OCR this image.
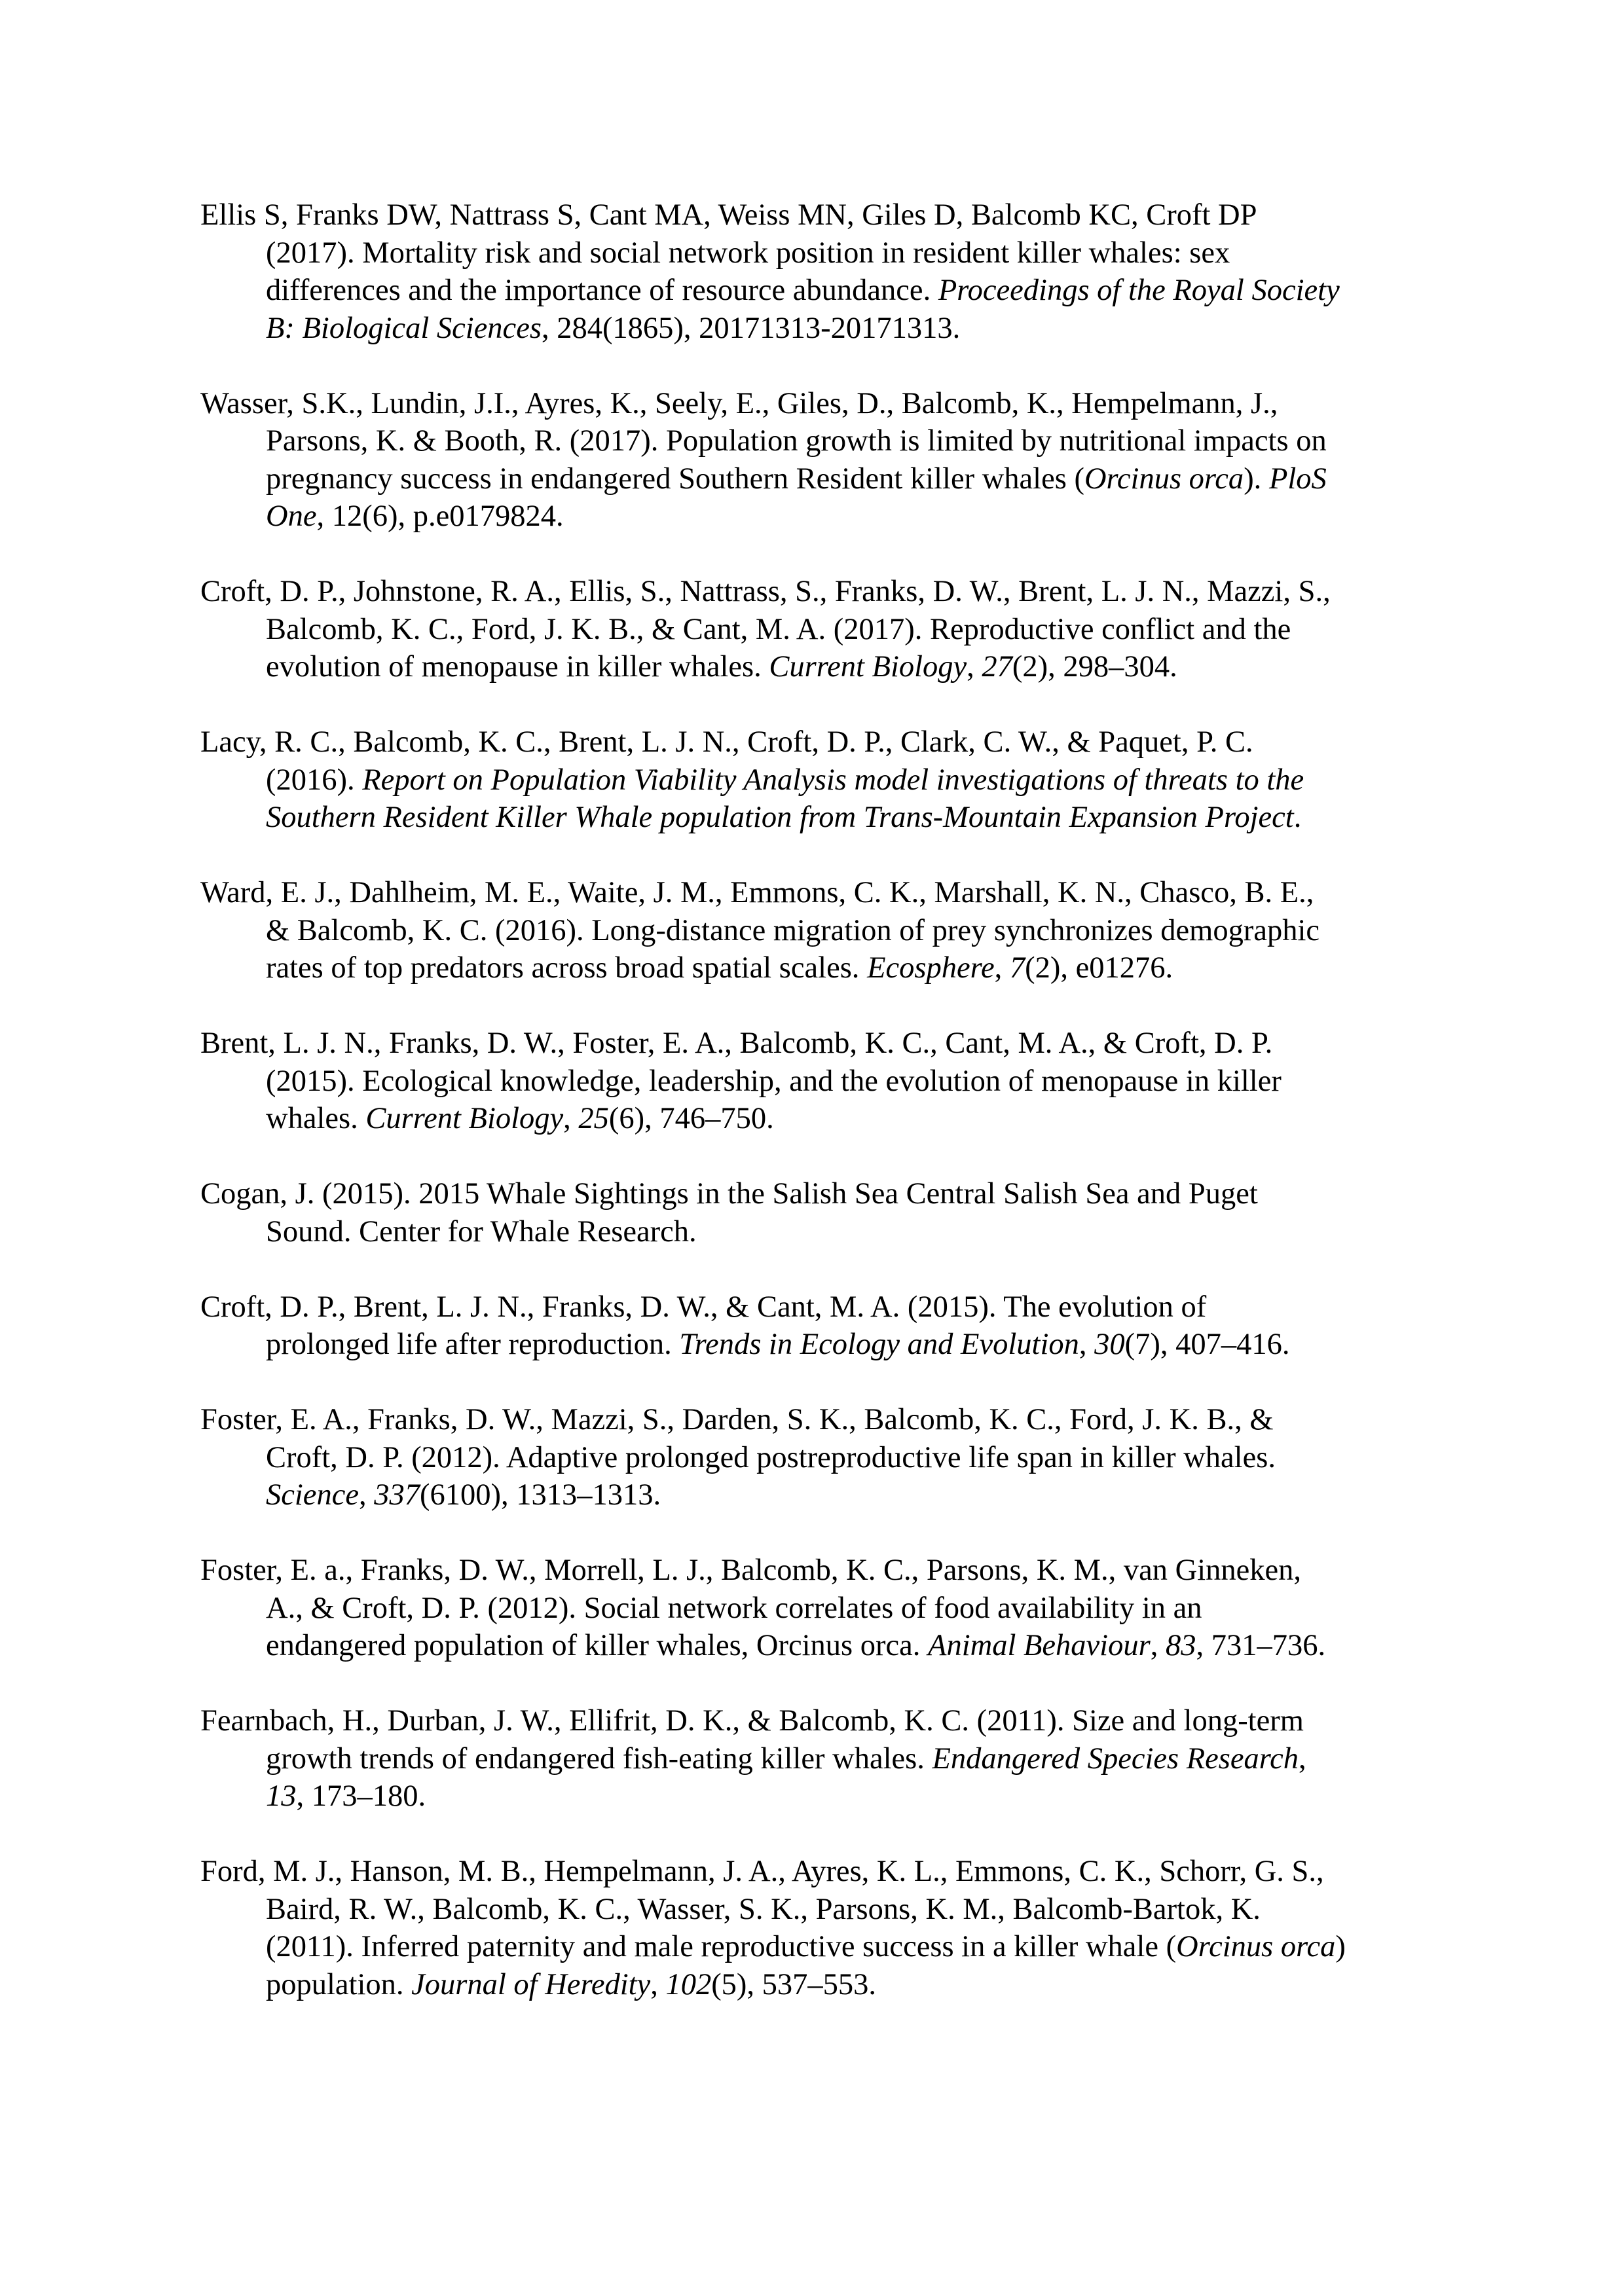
Ellis S, Franks DW, Nattrass S, Cant MA, Weiss MN, Giles D, Balcomb KC, Croft DP
(2017). Mortality risk and social network position in resident killer whales: sex
differences and the importance of resource abundance. Proceedings of the Royal Society
B: Biological Sciences, 284(1865), 20171313-20171313.
Wasser, S.K., Lundin, J.I., Ayres, K., Seely, E., Giles, D., Balcomb, K., Hempelmann, J.,
Parsons, K. & Booth, R. (2017). Population growth is limited by nutritional impacts on
pregnancy success in endangered Southern Resident killer whales (Orcinus orca). PloS
One, 12(6), p.e0179824.
Croft, D. P., Johnstone, R. A., Ellis, S., Nattrass, S., Franks, D. W., Brent, L. J. N., Mazzi, S.,
Balcomb, K. C., Ford, J. K. B., & Cant, M. A. (2017). Reproductive conflict and the
evolution of menopause in killer whales. Current Biology, 27(2), 298–304.
Lacy, R. C., Balcomb, K. C., Brent, L. J. N., Croft, D. P., Clark, C. W., & Paquet, P. C.
(2016). Report on Population Viability Analysis model investigations of threats to the
Southern Resident Killer Whale population from Trans-Mountain Expansion Project.
Ward, E. J., Dahlheim, M. E., Waite, J. M., Emmons, C. K., Marshall, K. N., Chasco, B. E.,
& Balcomb, K. C. (2016). Long-distance migration of prey synchronizes demographic
rates of top predators across broad spatial scales. Ecosphere, 7(2), e01276.
Brent, L. J. N., Franks, D. W., Foster, E. A., Balcomb, K. C., Cant, M. A., & Croft, D. P.
(2015). Ecological knowledge, leadership, and the evolution of menopause in killer
whales. Current Biology, 25(6), 746–750.
Cogan, J. (2015). 2015 Whale Sightings in the Salish Sea Central Salish Sea and Puget
Sound. Center for Whale Research.
Croft, D. P., Brent, L. J. N., Franks, D. W., & Cant, M. A. (2015). The evolution of
prolonged life after reproduction. Trends in Ecology and Evolution, 30(7), 407–416.
Foster, E. A., Franks, D. W., Mazzi, S., Darden, S. K., Balcomb, K. C., Ford, J. K. B., &
Croft, D. P. (2012). Adaptive prolonged postreproductive life span in killer whales.
Science, 337(6100), 1313–1313.
Foster, E. a., Franks, D. W., Morrell, L. J., Balcomb, K. C., Parsons, K. M., van Ginneken,
A., & Croft, D. P. (2012). Social network correlates of food availability in an
endangered population of killer whales, Orcinus orca. Animal Behaviour, 83, 731–736.
Fearnbach, H., Durban, J. W., Ellifrit, D. K., & Balcomb, K. C. (2011). Size and long-term
growth trends of endangered fish-eating killer whales. Endangered Species Research,
13, 173–180.
Ford, M. J., Hanson, M. B., Hempelmann, J. A., Ayres, K. L., Emmons, C. K., Schorr, G. S.,
Baird, R. W., Balcomb, K. C., Wasser, S. K., Parsons, K. M., Balcomb-Bartok, K.
(2011). Inferred paternity and male reproductive success in a killer whale (Orcinus orca)
population. Journal of Heredity, 102(5), 537–553.
